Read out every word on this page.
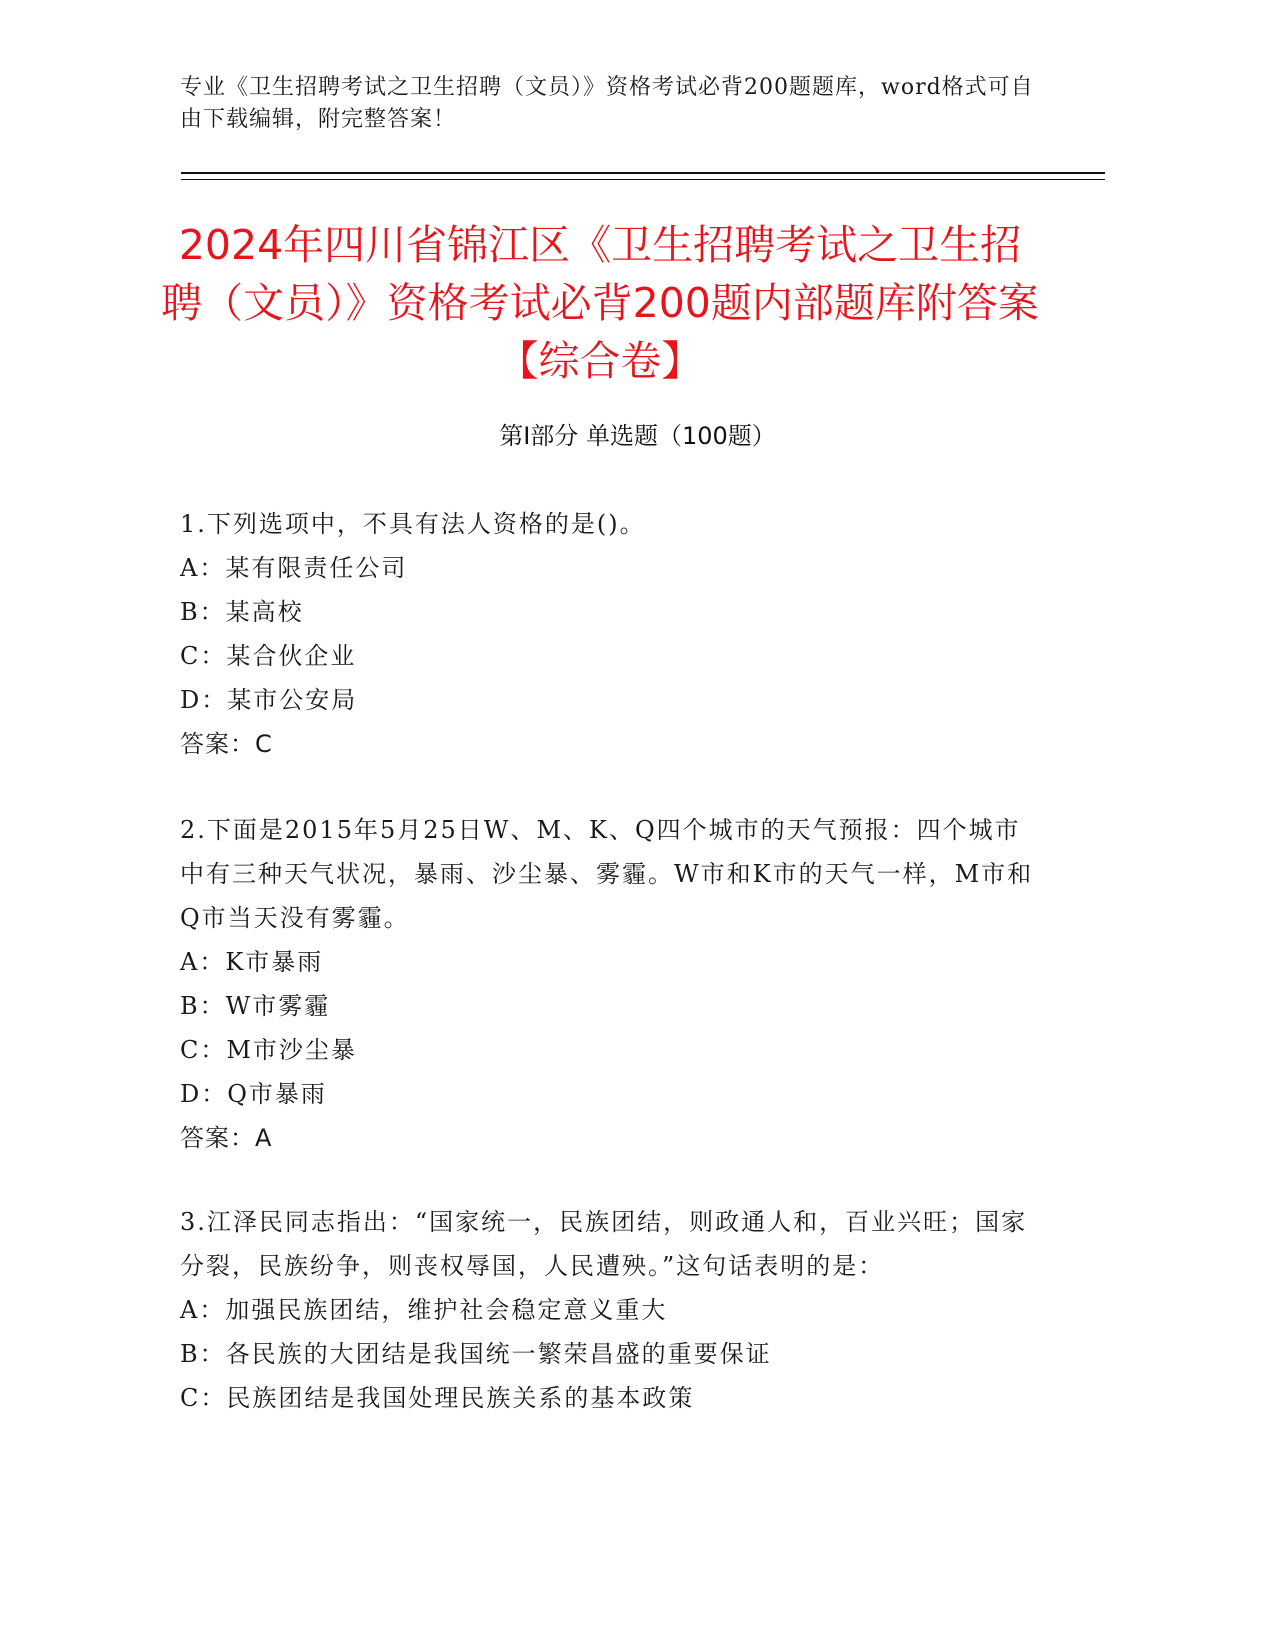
专业《卫生招聘考试之卫生招聘（文员）》资格考试必背200题题库，word格式可自由下载编辑，附完整答案！
2024年四川省锦江区《卫生招聘考试之卫生招聘（文员）》资格考试必背200题内部题库附答案【综合卷】
第Ⅰ部分 单选题（100题）
1.下列选项中，不具有法人资格的是()。
A：某有限责任公司
B：某高校
C：某合伙企业
D：某市公安局
答案：C
2.下面是2015年5月25日W、M、K、Q四个城市的天气预报：四个城市中有三种天气状况，暴雨、沙尘暴、雾霾。W市和K市的天气一样，M市和Q市当天没有雾霾。
A：K市暴雨
B：W市雾霾
C：M市沙尘暴
D：Q市暴雨
答案：A
3.江泽民同志指出：“国家统一，民族团结，则政通人和，百业兴旺；国家分裂，民族纷争，则丧权辱国，人民遭殃。”这句话表明的是：
A：加强民族团结，维护社会稳定意义重大
B：各民族的大团结是我国统一繁荣昌盛的重要保证
C：民族团结是我国处理民族关系的基本政策
